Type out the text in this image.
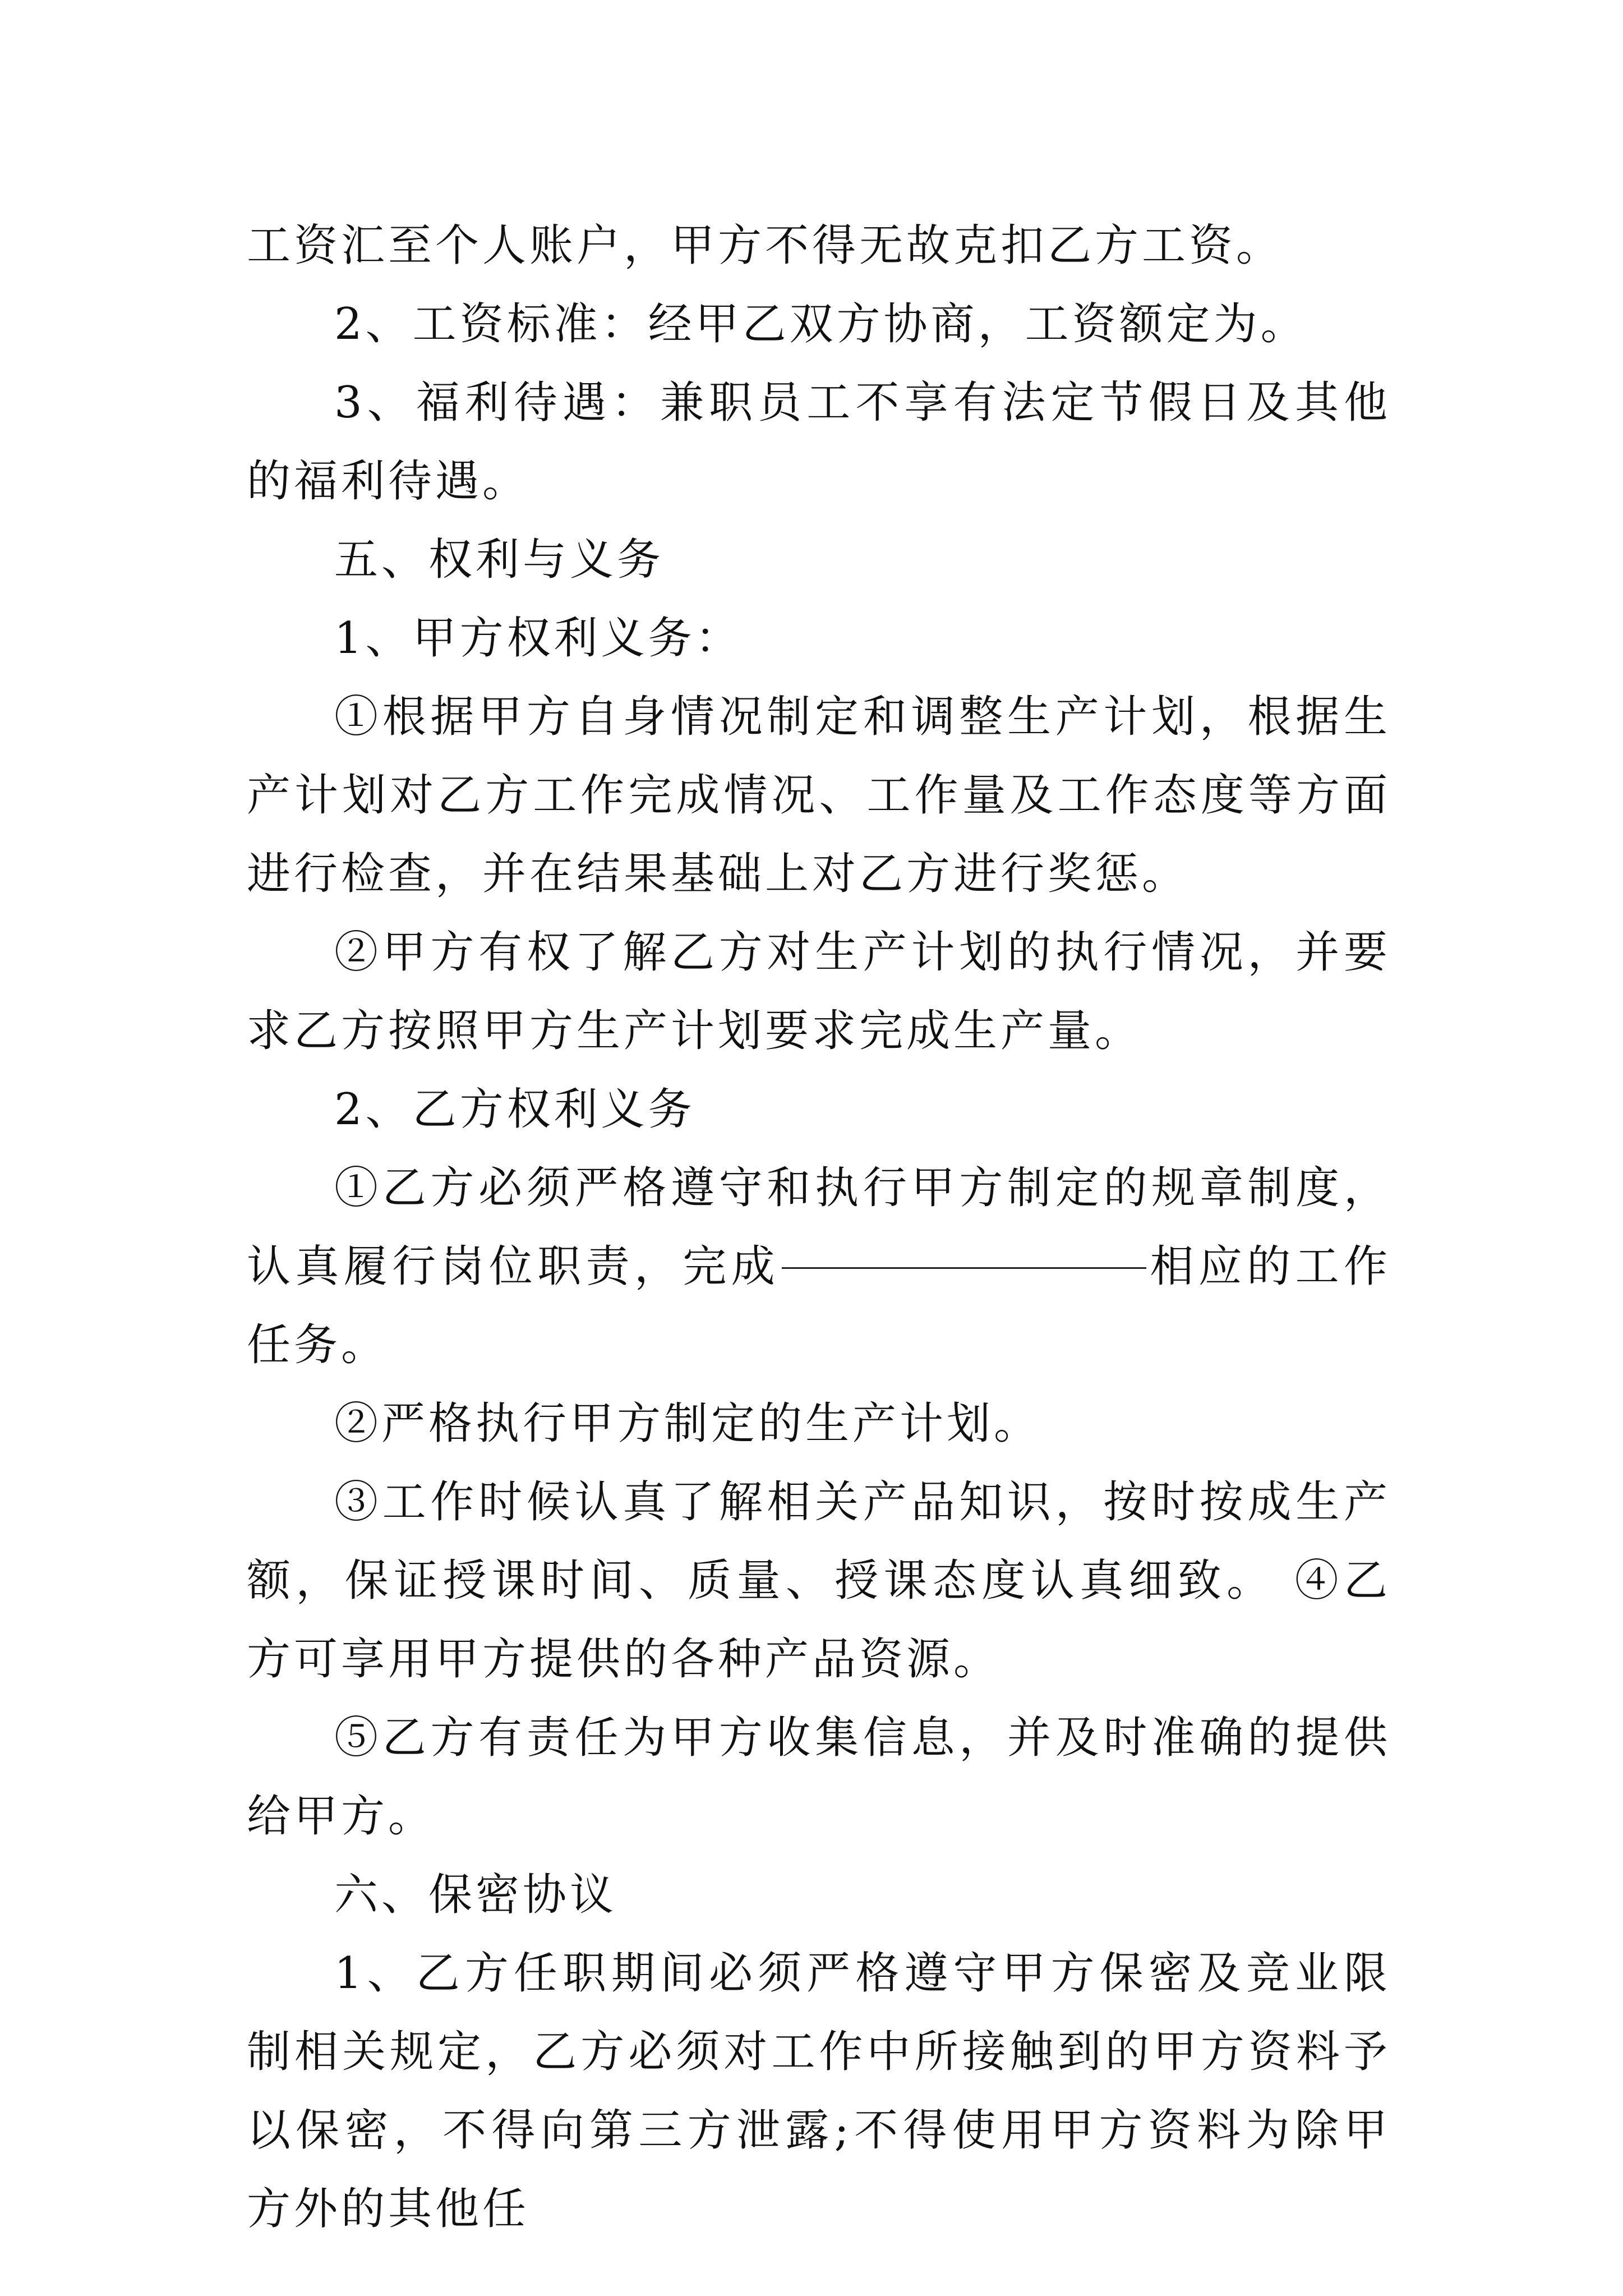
工资汇至个人账户，甲方不得无故克扣乙方工资。

2、工资标准：经甲乙双方协商，工资额定为。

3、福利待遇：兼职员工不享有法定节假日及其他的福利待遇。

五、权利与义务

1、甲方权利义务：

①根据甲方自身情况制定和调整生产计划，根据生产计划对乙方工作完成情况、工作量及工作态度等方面进行检查，并在结果基础上对乙方进行奖惩。

②甲方有权了解乙方对生产计划的执行情况，并要求乙方按照甲方生产计划要求完成生产量。

2、乙方权利义务

①乙方必须严格遵守和执行甲方制定的规章制度，认真履行岗位职责，完成	相应的工作任务。

②严格执行甲方制定的生产计划。

③工作时候认真了解相关产品知识，按时按成生产额，保证授课时间、质量、授课态度认真细致。 ④乙方可享用甲方提供的各种产品资源。

⑤乙方有责任为甲方收集信息，并及时准确的提供给甲方。

六、保密协议

1、乙方任职期间必须严格遵守甲方保密及竞业限制相关规定，乙方必须对工作中所接触到的甲方资料予以保密，不得向第三方泄露;不得使用甲方资料为除甲方外的其他任
